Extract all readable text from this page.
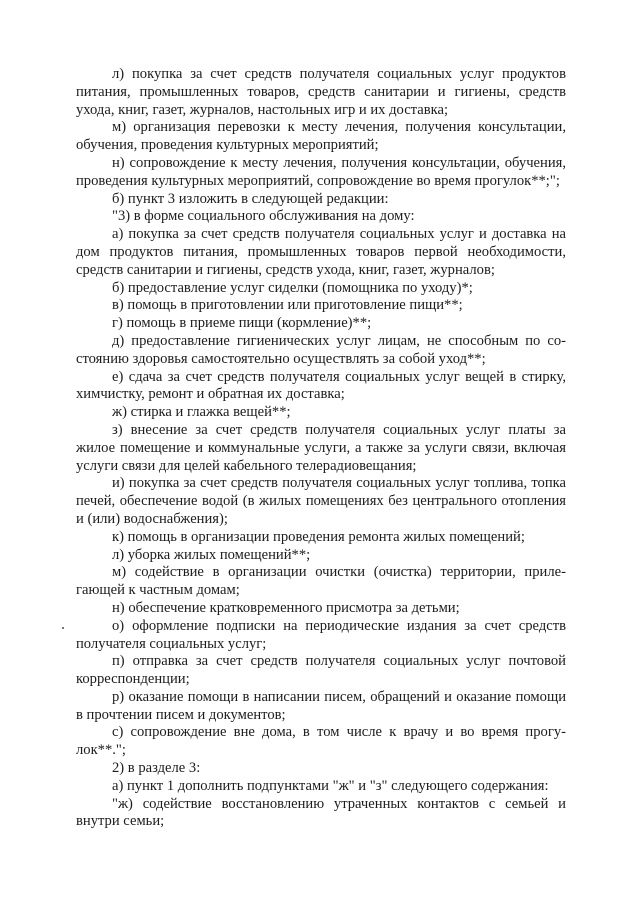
л) покупка за счет средств получателя социальных услуг продуктов питания, промышленных товаров, средств санитарии и гигиены, средств ухода, книг, газет, журналов, настольных игр и их доставка;

м) организация перевозки к месту лечения, получения консультации, обучения, проведения культурных мероприятий;

н) сопровождение к месту лечения, получения консультации, обучения, проведения культурных мероприятий, сопровождение во время прогулок**;";

б) пункт 3 изложить в следующей редакции:

"3) в форме социального обслуживания на дому:

а) покупка за счет средств получателя социальных услуг и доставка на дом продуктов питания, промышленных товаров первой необходимости, средств санитарии и гигиены, средств ухода, книг, газет, журналов;

б) предоставление услуг сиделки (помощника по уходу)*;

в) помощь в приготовлении или приготовление пищи**;

г) помощь в приеме пищи (кормление)**;

д) предоставление гигиенических услуг лицам, не способным по состоянию здоровья самостоятельно осуществлять за собой уход**;

е) сдача за счет средств получателя социальных услуг вещей в стирку, химчистку, ремонт и обратная их доставка;

ж) стирка и глажка вещей**;

з) внесение за счет средств получателя социальных услуг платы за жилое помещение и коммунальные услуги, а также за услуги связи, включая услуги связи для целей кабельного телерадиовещания;

и) покупка за счет средств получателя социальных услуг топлива, топка печей, обеспечение водой (в жилых помещениях без центрального отопления и (или) водоснабжения);

к) помощь в организации проведения ремонта жилых помещений;

л) уборка жилых помещений**;

м) содействие в организации очистки (очистка) территории, прилегающей к частным домам;

н) обеспечение кратковременного присмотра за детьми;

о) оформление подписки на периодические издания за счет средств получателя социальных услуг;

п) отправка за счет средств получателя социальных услуг почтовой корреспонденции;

р) оказание помощи в написании писем, обращений и оказание помощи в прочтении писем и документов;

с) сопровождение вне дома, в том числе к врачу и во время прогулок**.";

2) в разделе 3:

а) пункт 1 дополнить подпунктами "ж" и "з" следующего содержания:

"ж) содействие восстановлению утраченных контактов с семьей и внутри семьи;
